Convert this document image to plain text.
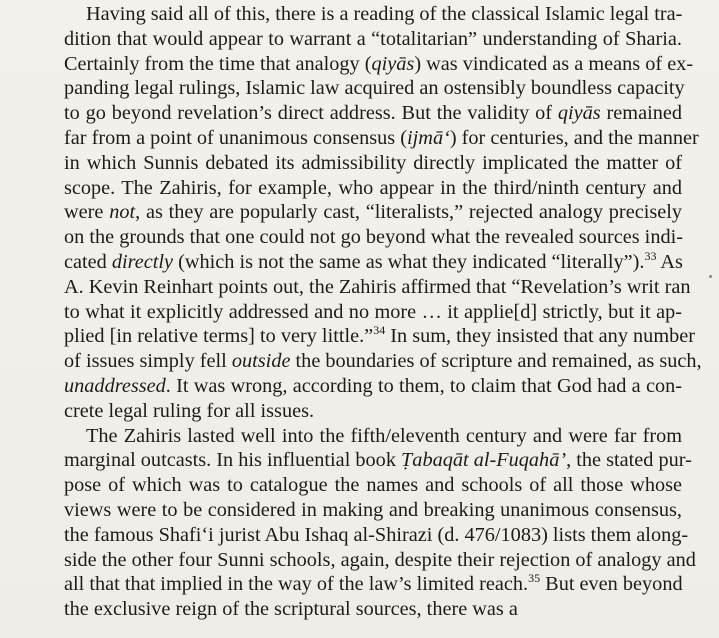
Having said all of this, there is a reading of the classical Islamic legal tra-
dition that would appear to warrant a “totalitarian” understanding of Sharia.
Certainly from the time that analogy (qiyās) was vindicated as a means of ex-
panding legal rulings, Islamic law acquired an ostensibly boundless capacity
to go beyond revelation’s direct address. But the validity of qiyās remained
far from a point of unanimous consensus (ijmā‘) for centuries, and the manner
in which Sunnis debated its admissibility directly implicated the matter of
scope. The Zahiris, for example, who appear in the third/ninth century and
were not, as they are popularly cast, “literalists,” rejected analogy precisely
on the grounds that one could not go beyond what the revealed sources indi-
cated directly (which is not the same as what they indicated “literally”).$^{33}$ As
A. Kevin Reinhart points out, the Zahiris affirmed that “Revelation’s writ ran
to what it explicitly addressed and no more … it applie[d] strictly, but it ap-
plied [in relative terms] to very little.”$^{34}$ In sum, they insisted that any number
of issues simply fell outside the boundaries of scripture and remained, as such,
unaddressed. It was wrong, according to them, to claim that God had a con-
crete legal ruling for all issues.
The Zahiris lasted well into the fifth/eleventh century and were far from
marginal outcasts. In his influential book Ṭabaqāt al-Fuqahā’, the stated pur-
pose of which was to catalogue the names and schools of all those whose
views were to be considered in making and breaking unanimous consensus,
the famous Shafi‘i jurist Abu Ishaq al-Shirazi (d. 476/1083) lists them along-
side the other four Sunni schools, again, despite their rejection of analogy and
all that that implied in the way of the law’s limited reach.$^{35}$ But even beyond
the exclusive reign of the scriptural sources, there was a
